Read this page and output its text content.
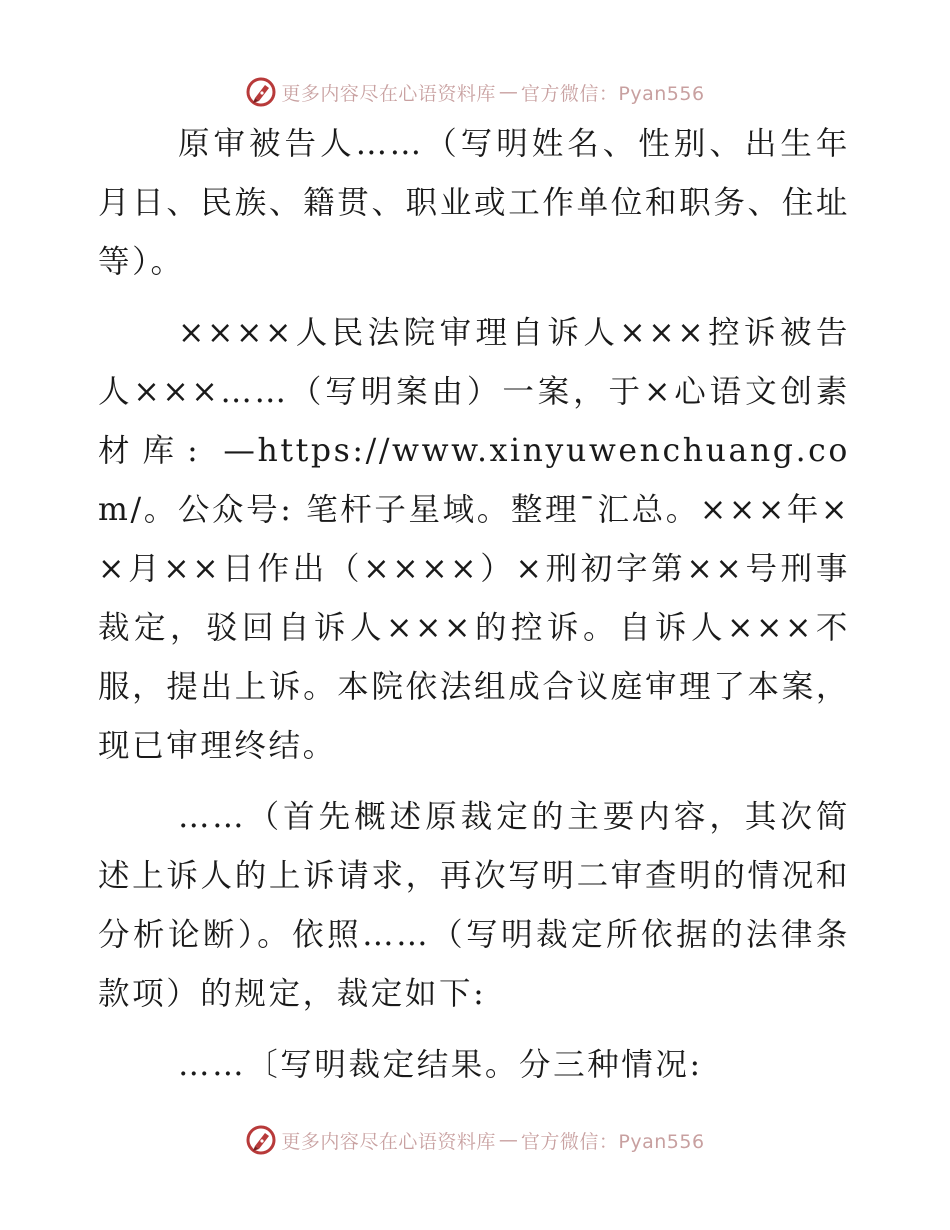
更多内容尽在心语资料库 — 官方微信：Pyan556

原审被告人……（写明姓名、性别、出生年月日、民族、籍贯、职业或工作单位和职务、住址等）。

××××人民法院审理自诉人×××控诉被告人×××……（写明案由）一案，于×心语文创素材库: —https://www.xinyuwenchuang.com/。公众号: 笔杆子星域。整理¯汇总。×××年××月××日作出（××××）×刑初字第××号刑事裁定，驳回自诉人×××的控诉。自诉人×××不服，提出上诉。本院依法组成合议庭审理了本案，现已审理终结。

……（首先概述原裁定的主要内容，其次简述上诉人的上诉请求，再次写明二审查明的情况和分析论断）。依照……（写明裁定所依据的法律条款项）的规定，裁定如下:

……〔写明裁定结果。分三种情况:

更多内容尽在心语资料库 — 官方微信：Pyan556
